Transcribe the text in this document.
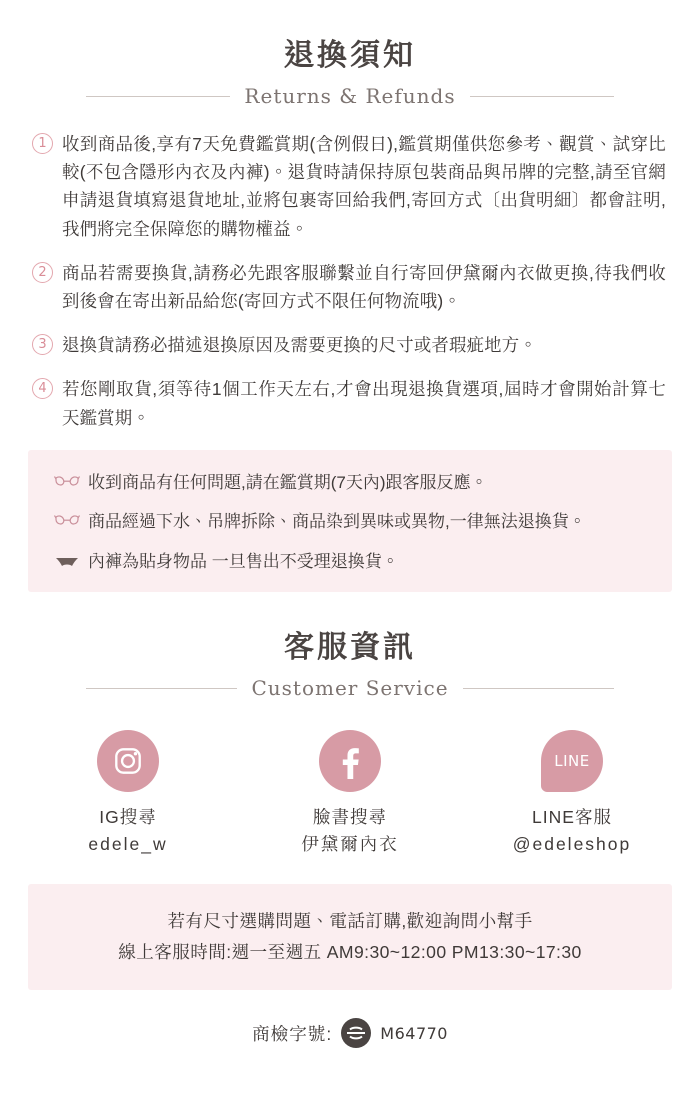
退換須知
Returns & Refunds
1 收到商品後,享有7天免費鑑賞期(含例假日),鑑賞期僅供您參考、觀賞、試穿比較(不包含隱形內衣及內褲)。退貨時請保持原包裝商品與吊牌的完整,請至官網申請退貨填寫退貨地址,並將包裹寄回給我們,寄回方式〔出貨明細〕都會註明,我們將完全保障您的購物權益。
2 商品若需要換貨,請務必先跟客服聯繫並自行寄回伊黛爾內衣做更換,待我們收到後會在寄出新品給您(寄回方式不限任何物流哦)。
3 退換貨請務必描述退換原因及需要更換的尺寸或者瑕疵地方。
4 若您剛取貨,須等待1個工作天左右,才會出現退換貨選項,屆時才會開始計算七天鑑賞期。
收到商品有任何問題,請在鑑賞期(7天內)跟客服反應。
商品經過下水、吊牌拆除、商品染到異味或異物,一律無法退換貨。
內褲為貼身物品 一旦售出不受理退換貨。
客服資訊
Customer Service
IG搜尋
edele_w
臉書搜尋
伊黛爾內衣
LINE
LINE客服
@edeleshop
若有尺寸選購問題、電話訂購,歡迎詢問小幫手
線上客服時間:週一至週五 AM9:30~12:00 PM13:30~17:30
商檢字號:	M64770
